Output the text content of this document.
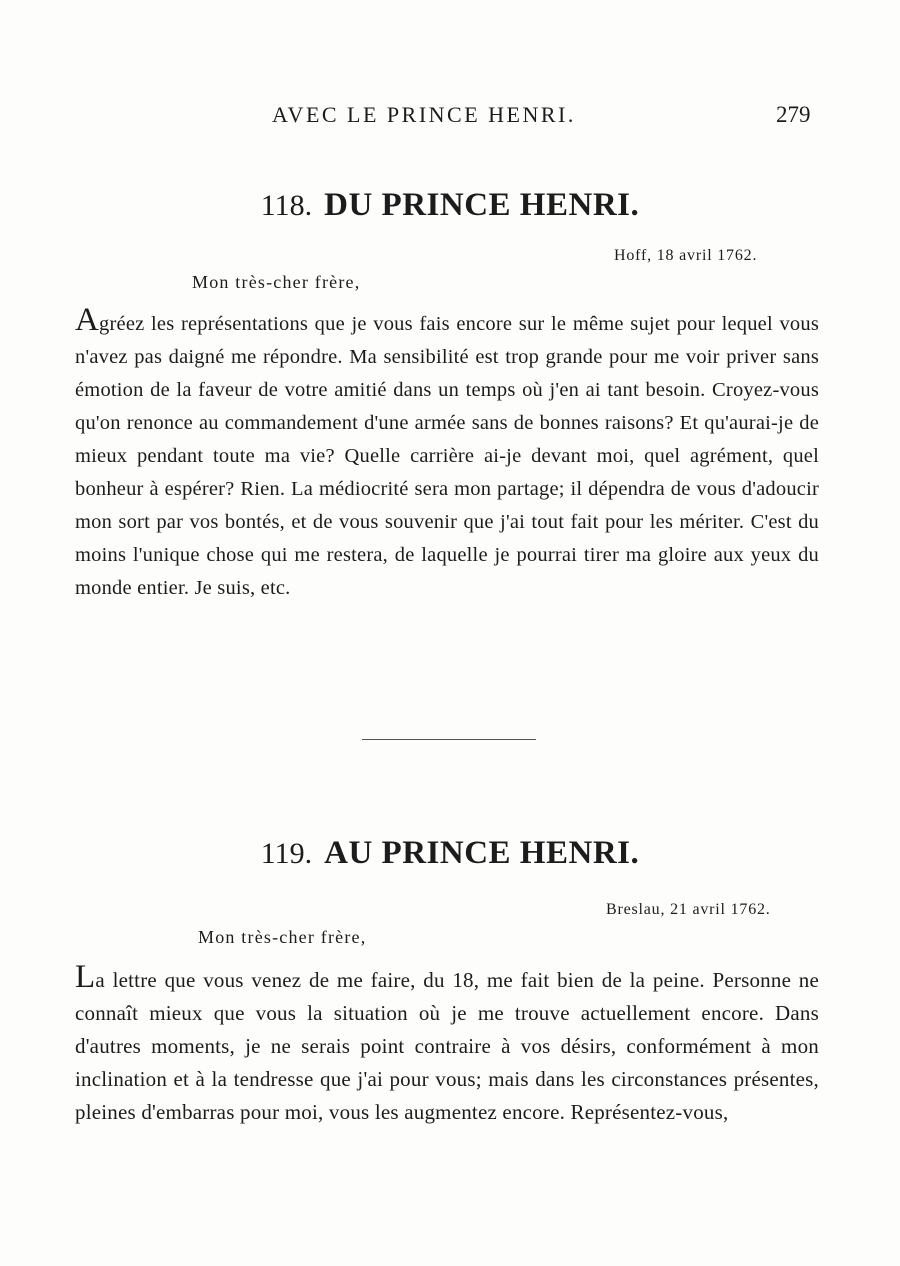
AVEC LE PRINCE HENRI.	279
118. DU PRINCE HENRI.
Hoff, 18 avril 1762.
Mon très-cher frère,
Agréez les représentations que je vous fais encore sur le même sujet pour lequel vous n'avez pas daigné me répondre. Ma sensibilité est trop grande pour me voir priver sans émotion de la faveur de votre amitié dans un temps où j'en ai tant besoin. Croyez-vous qu'on renonce au commandement d'une armée sans de bonnes raisons? Et qu'aurai-je de mieux pendant toute ma vie? Quelle carrière ai-je devant moi, quel agrément, quel bonheur à espérer? Rien. La médiocrité sera mon partage; il dépendra de vous d'adoucir mon sort par vos bontés, et de vous souvenir que j'ai tout fait pour les mériter. C'est du moins l'unique chose qui me restera, de laquelle je pourrai tirer ma gloire aux yeux du monde entier. Je suis, etc.
119. AU PRINCE HENRI.
Breslau, 21 avril 1762.
Mon très-cher frère,
La lettre que vous venez de me faire, du 18, me fait bien de la peine. Personne ne connaît mieux que vous la situation où je me trouve actuellement encore. Dans d'autres moments, je ne serais point contraire à vos désirs, conformément à mon inclination et à la tendresse que j'ai pour vous; mais dans les circonstances présentes, pleines d'embarras pour moi, vous les augmentez encore. Représentez-vous,
